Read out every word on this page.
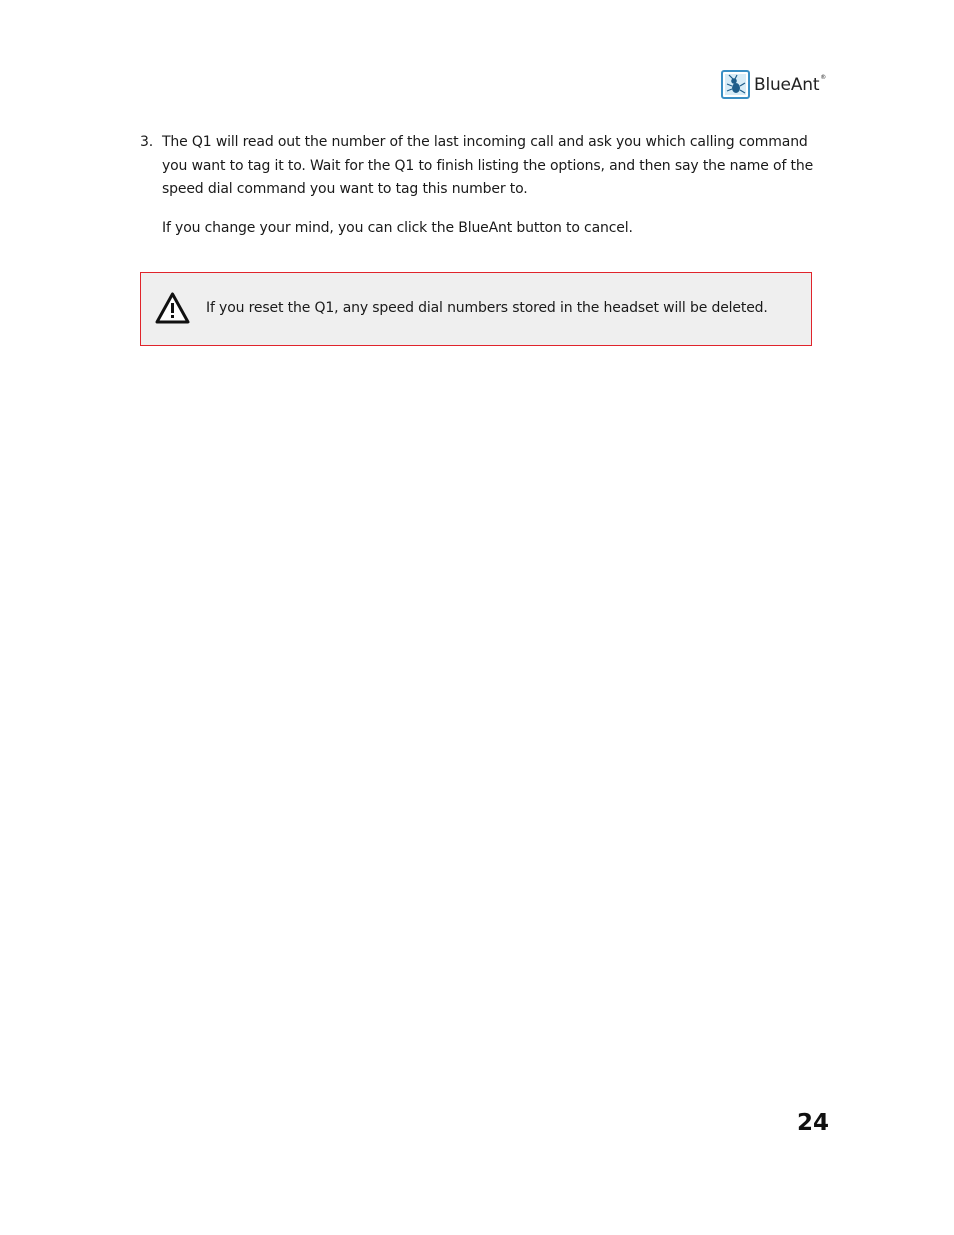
BlueAnt®
3. The Q1 will read out the number of the last incoming call and ask you which calling command you want to tag it to. Wait for the Q1 to finish listing the options, and then say the name of the speed dial command you want to tag this number to.
If you change your mind, you can click the BlueAnt button to cancel.
If you reset the Q1, any speed dial numbers stored in the headset will be deleted.
24
